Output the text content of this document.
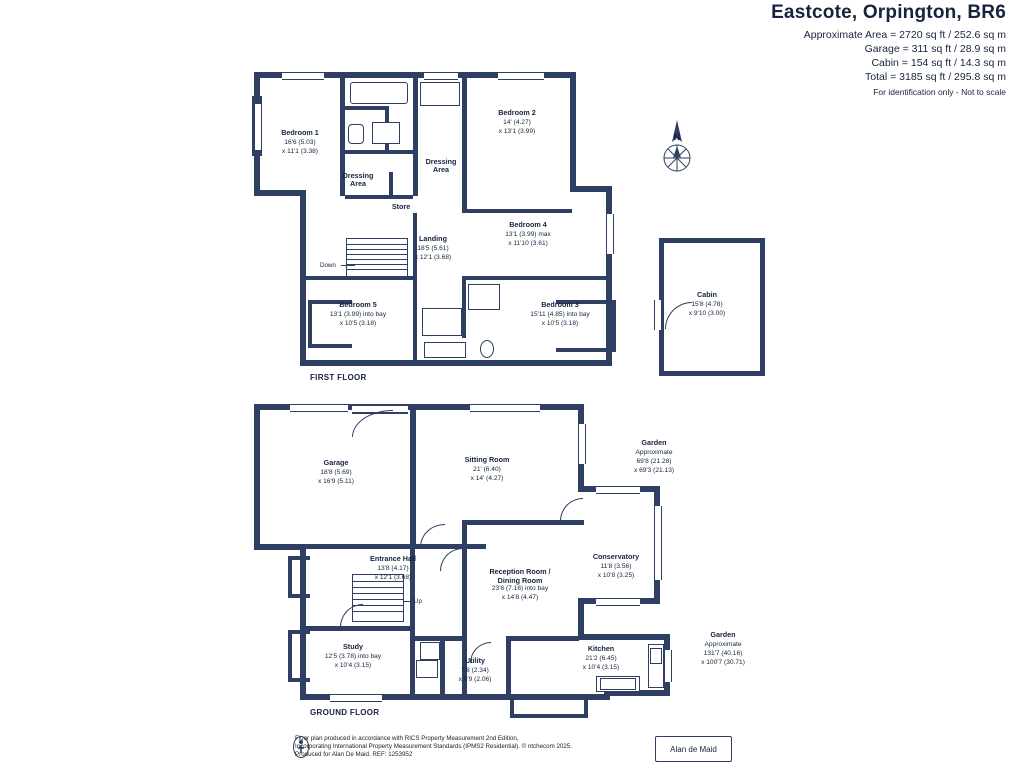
Eastcote, Orpington, BR6
Approximate Area = 2720 sq ft / 252.6 sq m
Garage = 311 sq ft / 28.9 sq m
Cabin = 154 sq ft / 14.3 sq m
Total = 3185 sq ft / 295.8 sq m
For identification only - Not to scale
N
Down
Bedroom 1
16'6 (5.03)
x 11'1 (3.38)
Bedroom 2
14' (4.27)
x 13'1 (3.99)
Dressing
Area
Dressing
Area
Store
Bedroom 4
13'1 (3.99) max
x 11'10 (3.61)
Landing
18'5 (5.61)
x 12'1 (3.68)
Bedroom 5
13'1 (3.99) into bay
x 10'5 (3.18)
Bedroom 3
15'11 (4.85) into bay
x 10'5 (3.18)
Cabin
15'8 (4.78)
x 9'10 (3.00)
FIRST FLOOR
Up
Garage
18'8 (5.69)
x 16'9 (5.11)
Sitting Room
21' (6.40)
x 14' (4.27)
Entrance Hall
13'8 (4.17)
x 12'1 (3.68)
Reception Room /
Dining Room
23'6 (7.16) into bay
x 14'8 (4.47)
Conservatory
11'8 (3.56)
x 10'8 (3.25)
Study
12'5 (3.78) into bay
x 10'4 (3.15)
Utility
7'8 (2.34)
x 6'9 (2.06)
Kitchen
21'2 (6.45)
x 10'4 (3.15)
Garden
Approximate
69'8 (21.28)
x 69'3 (21.13)
Garden
Approximate
131'7 (40.16)
x 100'7 (30.71)
GROUND FLOOR
Floor plan produced in accordance with RICS Property Measurement 2nd Edition,
Incorporating International Property Measurement Standards (IPMS2 Residential). © ntchecom 2025.
Produced for Alan De Maid. REF: 1253952
Alan de Maid
